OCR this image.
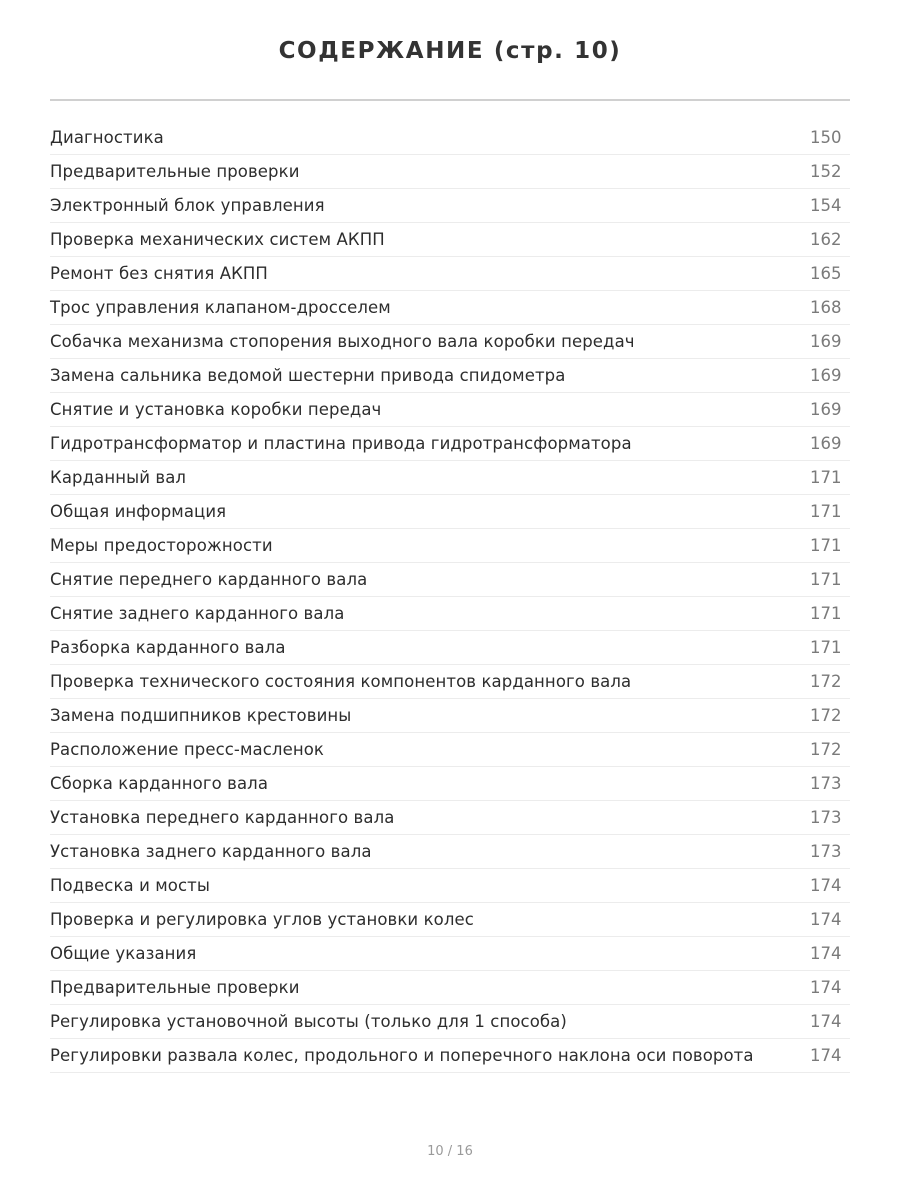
СОДЕРЖАНИЕ (стр. 10)
Диагностика	150
Предварительные проверки	152
Электронный блок управления	154
Проверка механических систем АКПП	162
Ремонт без снятия АКПП	165
Трос управления клапаном-дросселем	168
Собачка механизма стопорения выходного вала коробки передач	169
Замена сальника ведомой шестерни привода спидометра	169
Снятие и установка коробки передач	169
Гидротрансформатор и пластина привода гидротрансформатора	169
Карданный вал	171
Общая информация	171
Меры предосторожности	171
Снятие переднего карданного вала	171
Снятие заднего карданного вала	171
Разборка карданного вала	171
Проверка технического состояния компонентов карданного вала	172
Замена подшипников крестовины	172
Расположение пресс-масленок	172
Сборка карданного вала	173
Установка переднего карданного вала	173
Установка заднего карданного вала	173
Подвеска и мосты	174
Проверка и регулировка углов установки колес	174
Общие указания	174
Предварительные проверки	174
Регулировка установочной высоты (только для 1 способа)	174
Регулировки развала колес, продольного и поперечного наклона оси поворота	174
10 / 16
